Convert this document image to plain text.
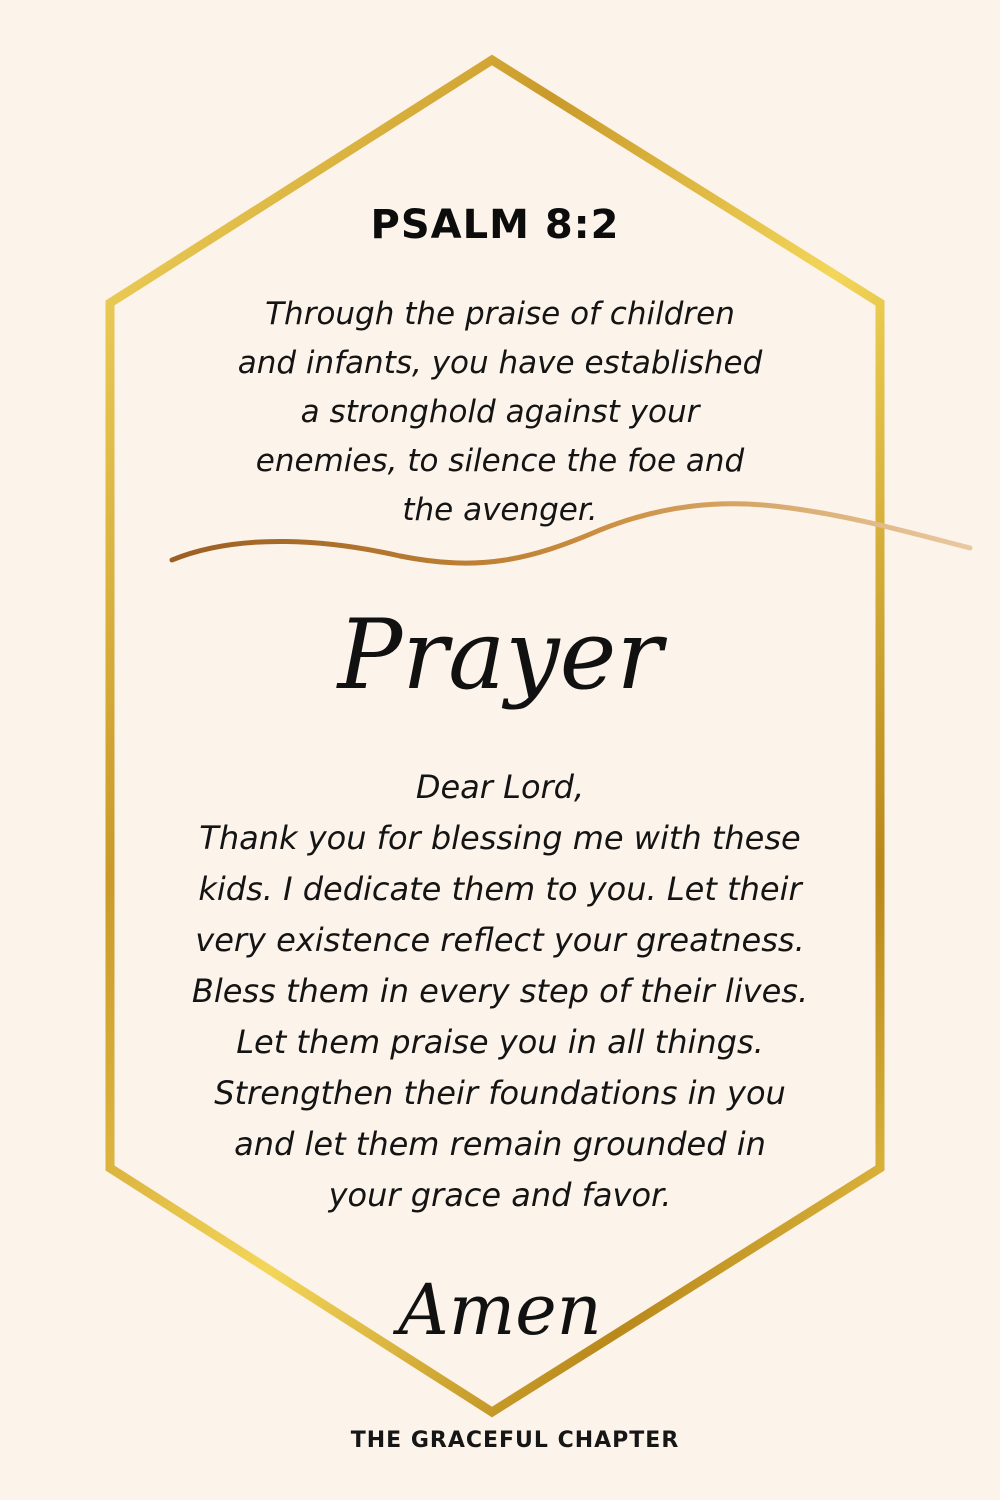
PSALM 8:2
Through the praise of children
and infants, you have established
a stronghold against your
enemies, to silence the foe and
the avenger.
Prayer
Dear Lord,
Thank you for blessing me with these
kids. I dedicate them to you. Let their
very existence reflect your greatness.
Bless them in every step of their lives.
Let them praise you in all things.
Strengthen their foundations in you
and let them remain grounded in
your grace and favor.
Amen
THE GRACEFUL CHAPTER
